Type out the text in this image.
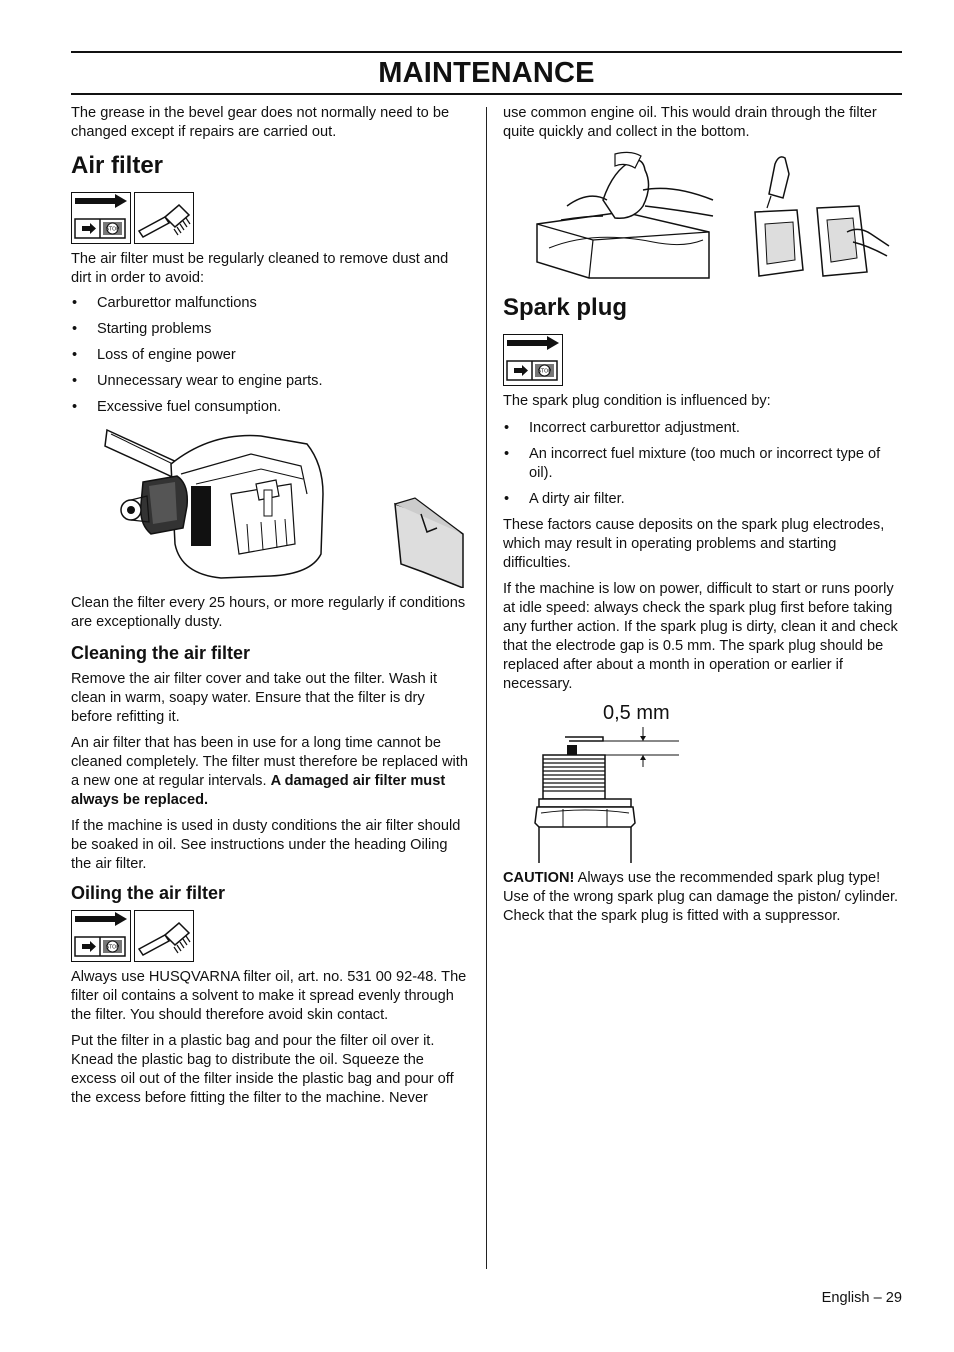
MAINTENANCE

The grease in the bevel gear does not normally need to be changed except if repairs are carried out.

Air filter
STOP

The air filter must be regularly cleaned to remove dust and dirt in order to avoid:

• Carburettor malfunctions
• Starting problems
• Loss of engine power
• Unnecessary wear to engine parts.
• Excessive fuel consumption.

Clean the filter every 25 hours, or more regularly if conditions are exceptionally dusty.

Cleaning the air filter

Remove the air filter cover and take out the filter. Wash it clean in warm, soapy water. Ensure that the filter is dry before refitting it.

An air filter that has been in use for a long time cannot be cleaned completely. The filter must therefore be replaced with a new one at regular intervals. A damaged air filter must always be replaced.

If the machine is used in dusty conditions the air filter should be soaked in oil. See instructions under the heading Oiling the air filter.

Oiling the air filter
STOP

Always use HUSQVARNA filter oil, art. no. 531 00 92-48. The filter oil contains a solvent to make it spread evenly through the filter. You should therefore avoid skin contact.

Put the filter in a plastic bag and pour the filter oil over it. Knead the plastic bag to distribute the oil. Squeeze the excess oil out of the filter inside the plastic bag and pour off the excess before fitting the filter to the machine. Never

use common engine oil. This would drain through the filter quite quickly and collect in the bottom.

Spark plug
STOP

The spark plug condition is influenced by:

• Incorrect carburettor adjustment.
• An incorrect fuel mixture (too much or incorrect type of oil).
• A dirty air filter.

These factors cause deposits on the spark plug electrodes, which may result in operating problems and starting difficulties.

If the machine is low on power, difficult to start or runs poorly at idle speed: always check the spark plug first before taking any further action. If the spark plug is dirty, clean it and check that the electrode gap is 0.5 mm. The spark plug should be replaced after about a month in operation or earlier if necessary.

0,5 mm

CAUTION! Always use the recommended spark plug type! Use of the wrong spark plug can damage the piston/ cylinder. Check that the spark plug is fitted with a suppressor.

English – 29
